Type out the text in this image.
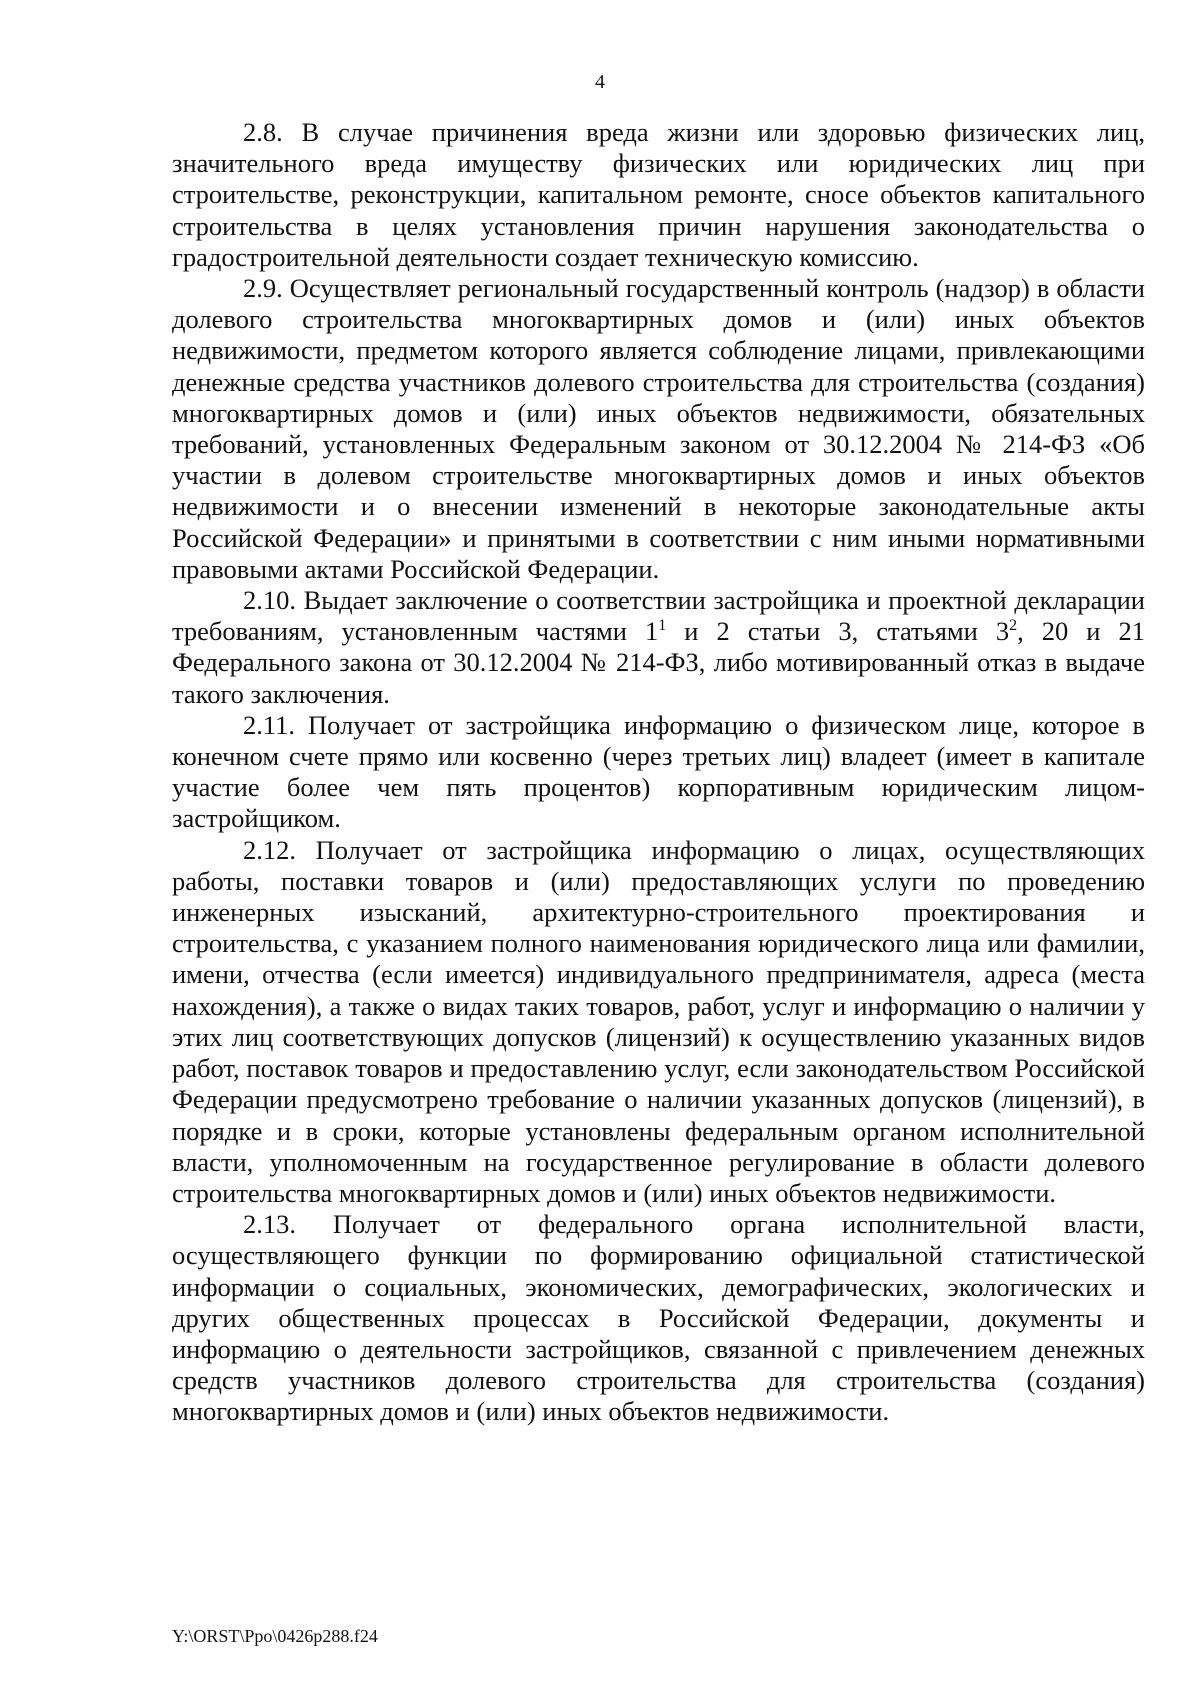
4

2.8. В случае причинения вреда жизни или здоровью физических лиц, значительного вреда имуществу физических или юридических лиц при строительстве, реконструкции, капитальном ремонте, сносе объектов капитального строительства в целях установления причин нарушения законодательства о градостроительной деятельности создает техническую комиссию.

2.9. Осуществляет региональный государственный контроль (надзор) в области долевого строительства многоквартирных домов и (или) иных объектов недвижимости, предметом которого является соблюдение лицами, привлекающими денежные средства участников долевого строительства для строительства (создания) многоквартирных домов и (или) иных объектов недвижимости, обязательных требований, установленных Федеральным законом от 30.12.2004 № 214-ФЗ «Об участии в долевом строительстве многоквартирных домов и иных объектов недвижимости и о внесении изменений в некоторые законодательные акты Российской Федерации» и принятыми в соответствии с ним иными нормативными правовыми актами Российской Федерации.

2.10. Выдает заключение о соответствии застройщика и проектной декларации требованиям, установленным частями $1^1$ и 2 статьи 3, статьями $3^2$, 20 и 21 Федерального закона от 30.12.2004 № 214-ФЗ, либо мотивированный отказ в выдаче такого заключения.

2.11. Получает от застройщика информацию о физическом лице, которое в конечном счете прямо или косвенно (через третьих лиц) владеет (имеет в капитале участие более чем пять процентов) корпоративным юридическим лицом-застройщиком.

2.12. Получает от застройщика информацию о лицах, осуществляющих работы, поставки товаров и (или) предоставляющих услуги по проведению инженерных изысканий, архитектурно-строительного проектирования и строительства, с указанием полного наименования юридического лица или фамилии, имени, отчества (если имеется) индивидуального предпринимателя, адреса (места нахождения), а также о видах таких товаров, работ, услуг и информацию о наличии у этих лиц соответствующих допусков (лицензий) к осуществлению указанных видов работ, поставок товаров и предоставлению услуг, если законодательством Российской Федерации предусмотрено требование о наличии указанных допусков (лицензий), в порядке и в сроки, которые установлены федеральным органом исполнительной власти, уполномоченным на государственное регулирование в области долевого строительства многоквартирных домов и (или) иных объектов недвижимости.

2.13. Получает от федерального органа исполнительной власти, осуществляющего функции по формированию официальной статистической информации о социальных, экономических, демографических, экологических и других общественных процессах в Российской Федерации, документы и информацию о деятельности застройщиков, связанной с привлечением денежных средств участников долевого строительства для строительства (создания) многоквартирных домов и (или) иных объектов недвижимости.

Y:\ORST\Ppo\0426p288.f24
